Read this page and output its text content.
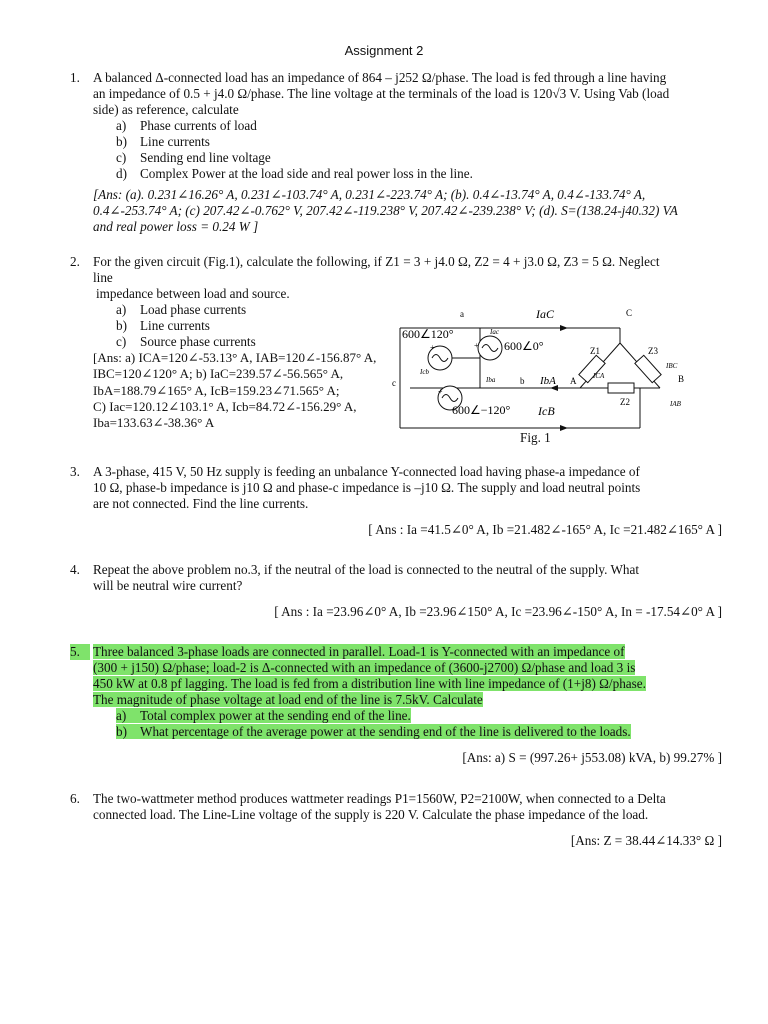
Assignment 2
1. A balanced Δ-connected load has an impedance of 864 – j252 Ω/phase. The load is fed through a line having
an impedance of 0.5 + j4.0 Ω/phase. The line voltage at the terminals of the load is 120√3 V. Using Vab (load
side) as reference, calculate
a) Phase currents of load
b) Line currents
c) Sending end line voltage
d) Complex Power at the load side and real power loss in the line.
[Ans: (a). 0.231∠16.26° A, 0.231∠-103.74° A, 0.231∠-223.74° A; (b). 0.4∠-13.74° A, 0.4∠-133.74° A,
0.4∠-253.74° A; (c) 207.42∠-0.762° V, 207.42∠-119.238° V, 207.42∠-239.238° V; (d). S=(138.24-j40.32) VA
and real power loss = 0.24 W ]
2. For the given circuit (Fig.1), calculate the following, if Z1 = 3 + j4.0 Ω, Z2 = 4 + j3.0 Ω, Z3 = 5 Ω. Neglect
line
impedance between load and source.
a) Load phase currents
b) Line currents
c) Source phase currents
[Ans: a) ICA=120∠-53.13° A, IAB=120∠-156.87° A,
IBC=120∠120° A; b) IaC=239.57∠-56.565° A,
IbA=188.79∠165° A, IcB=159.23∠71.565° A;
C) Iac=120.12∠103.1° A, Icb=84.72∠-156.29° A,
Iba=133.63∠-38.36° A
600∠120°
600∠0°
600∠−120°
IaC
IcB
IbA
Z1	Z3
Z2
a
b
c	A	B
C
ICA
IBC
IAB
Iba
Iac
Icb
+
+
+
Fig. 1
3. A 3-phase, 415 V, 50 Hz supply is feeding an unbalance Y-connected load having phase-a impedance of
10 Ω, phase-b impedance is j10 Ω and phase-c impedance is –j10 Ω. The supply and load neutral points
are not connected. Find the line currents.
[ Ans : Ia =41.5∠0° A, Ib =21.482∠-165° A, Ic =21.482∠165° A ]
4. Repeat the above problem no.3, if the neutral of the load is connected to the neutral of the supply. What
will be neutral wire current?
[ Ans : Ia =23.96∠0° A, Ib =23.96∠150° A, Ic =23.96∠-150° A, In = -17.54∠0° A ]
5. Three balanced 3-phase loads are connected in parallel. Load-1 is Y-connected with an impedance of
(300 + j150) Ω/phase; load-2 is Δ-connected with an impedance of (3600-j2700) Ω/phase and load 3 is
450 kW at 0.8 pf lagging. The load is fed from a distribution line with line impedance of (1+j8) Ω/phase.
The magnitude of phase voltage at load end of the line is 7.5kV. Calculate
a) Total complex power at the sending end of the line.
b) What percentage of the average power at the sending end of the line is delivered to the loads.
[Ans: a) S = (997.26+ j553.08) kVA, b) 99.27% ]
6. The two-wattmeter method produces wattmeter readings P1=1560W, P2=2100W, when connected to a Delta
connected load. The Line-Line voltage of the supply is 220 V. Calculate the phase impedance of the load.
[Ans: Z = 38.44∠14.33° Ω ]
